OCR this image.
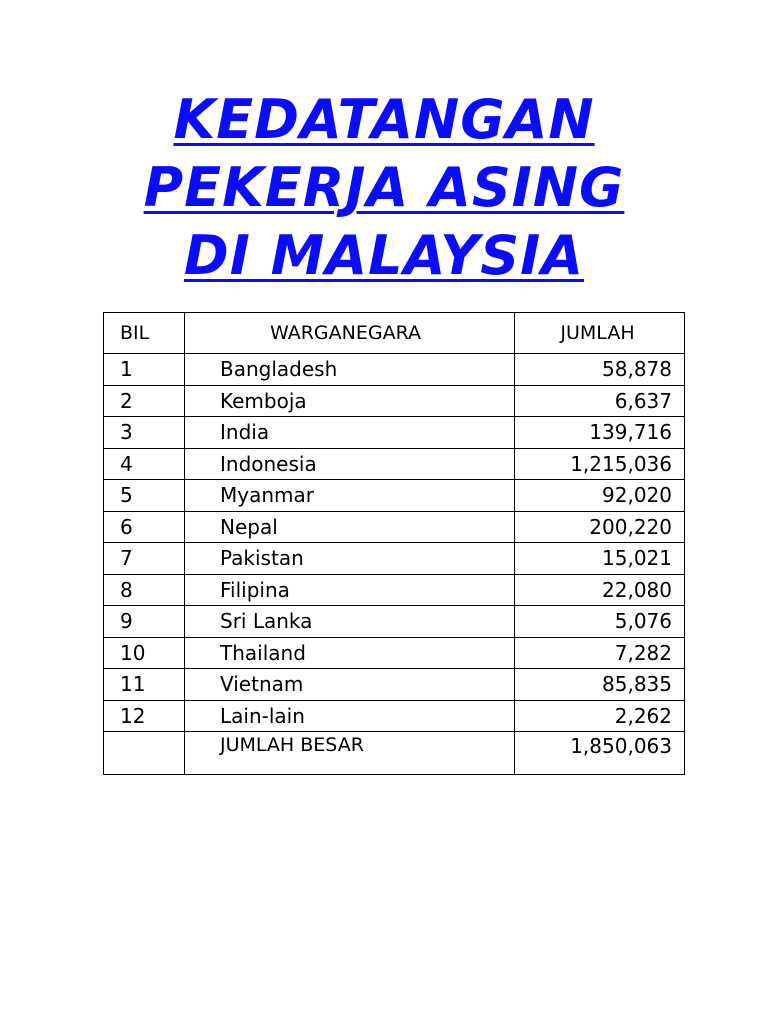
KEDATANGAN
PEKERJA ASING
DI MALAYSIA
BIL	WARGANEGARA	JUMLAH
1	Bangladesh	58,878
2	Kemboja	6,637
3	India	139,716
4	Indonesia	1,215,036
5	Myanmar	92,020
6	Nepal	200,220
7	Pakistan	15,021
8	Filipina	22,080
9	Sri Lanka	5,076
10	Thailand	7,282
11	Vietnam	85,835
12	Lain-lain	2,262
	JUMLAH BESAR	1,850,063
